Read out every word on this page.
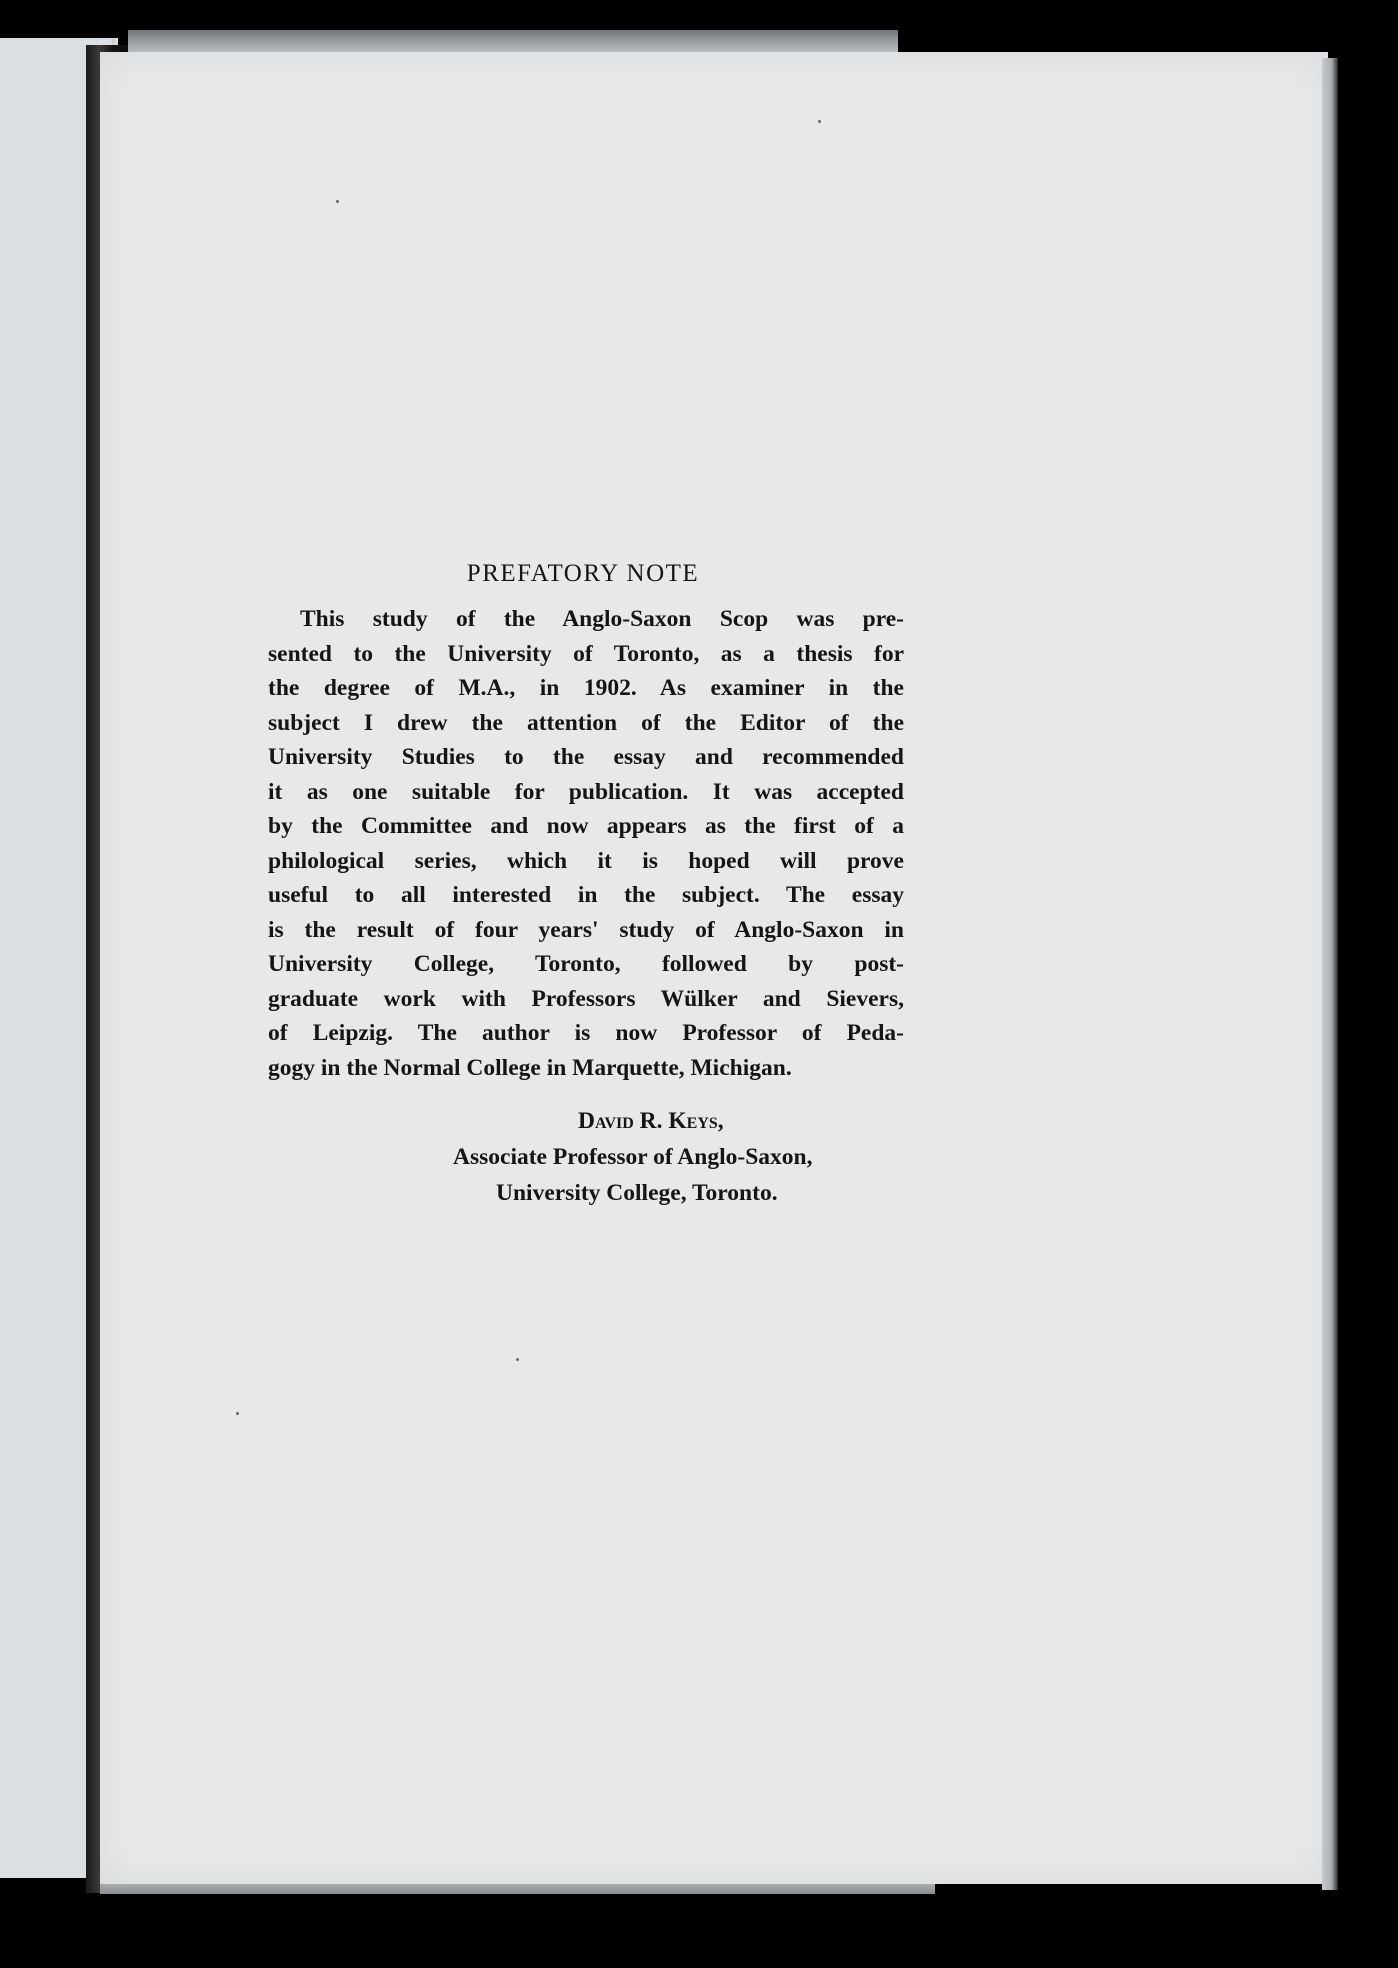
PREFATORY NOTE
This study of the Anglo-Saxon Scop was pre-
sented to the University of Toronto, as a thesis for
the degree of M.A., in 1902. As examiner in the
subject I drew the attention of the Editor of the
University Studies to the essay and recommended
it as one suitable for publication. It was accepted
by the Committee and now appears as the first of a
philological series, which it is hoped will prove
useful to all interested in the subject. The essay
is the result of four years' study of Anglo-Saxon in
University College, Toronto, followed by post-
graduate work with Professors Wülker and Sievers,
of Leipzig. The author is now Professor of Peda-
gogy in the Normal College in Marquette, Michigan.
David R. Keys,
Associate Professor of Anglo-Saxon,
University College, Toronto.
